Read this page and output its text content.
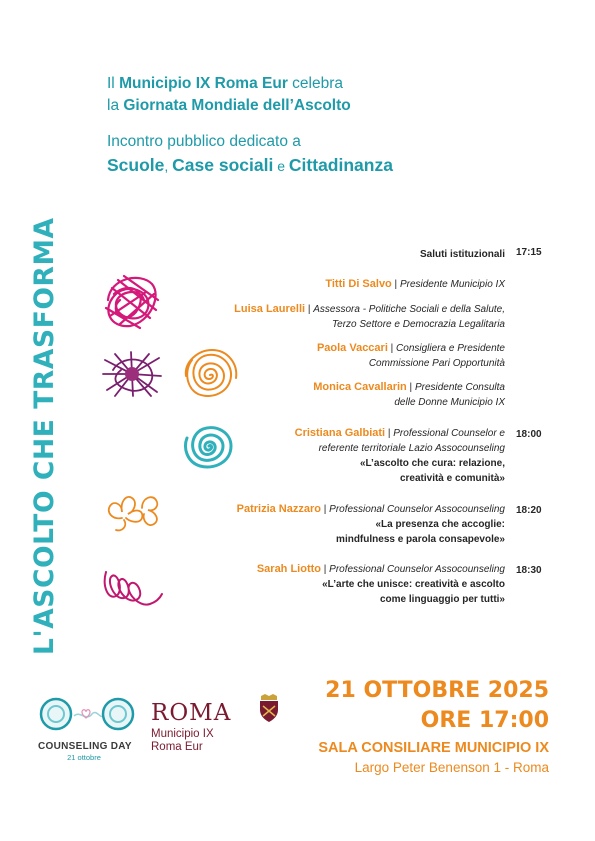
L'ASCOLTO CHE TRASFORMA
Il Municipio IX Roma Eur celebra
la Giornata Mondiale dell’Ascolto
Incontro pubblico dedicato a
Scuole, Case sociali e Cittadinanza
Saluti istituzionali 17:15
Titti Di Salvo | Presidente Municipio IX
Luisa Laurelli | Assessora - Politiche Sociali e della Salute,
Terzo Settore e Democrazia Legalitaria
Paola Vaccari | Consigliera e Presidente
Commissione Pari Opportunità
Monica Cavallarin | Presidente Consulta
delle Donne Municipio IX
Cristiana Galbiati | Professional Counselor e
referente territoriale Lazio Assocounseling
«L’ascolto che cura: relazione,
creatività e comunità»
18:00
Patrizia Nazzaro | Professional Counselor Assocounseling
«La presenza che accoglie:
mindfulness e parola consapevole»
18:20
Sarah Liotto | Professional Counselor Assocounseling
«L’arte che unisce: creatività e ascolto
come linguaggio per tutti»
18:30
COUNSELING DAY
21 ottobre
ROMA
Municipio IX
Roma Eur
21 OTTOBRE 2025
ORE 17:00
SALA CONSILIARE MUNICIPIO IX
Largo Peter Benenson 1 - Roma
